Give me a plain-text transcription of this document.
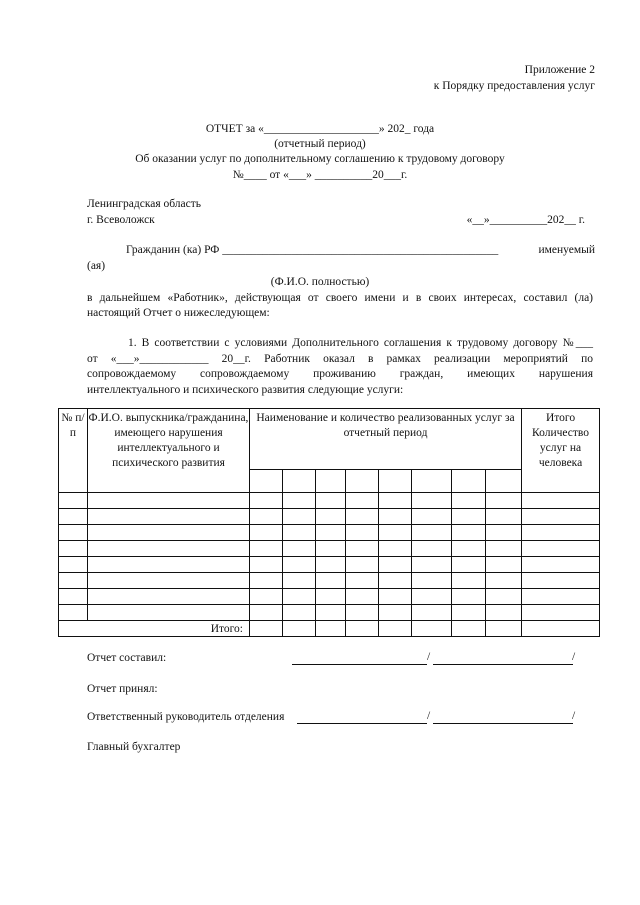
Приложение 2
к Порядку предоставления услуг
ОТЧЕТ за «____________________» 202_ года
(отчетный период)
Об оказании услуг по дополнительному соглашению к трудовому договору
№____ от «___» __________20___г.
Ленинградская область
г. Всеволожск	«__»__________202__ г.
Гражданин (ка) РФ ________________________________________________	именуемый
(ая)
(Ф.И.О. полностью)
в дальнейшем «Работник», действующая от своего имени и в своих интересах, составил (ла)
настоящий Отчет о нижеследующем:
1. В соответствии с условиями Дополнительного соглашения к трудовому договору №___
от «___»____________ 20__г. Работник оказал в рамках реализации мероприятий по
сопровождаемому сопровождаемому проживанию граждан, имеющих нарушения
интеллектуального и психического развития следующие услуги:
№ п/п	Ф.И.О. выпускника/гражданина, имеющего нарушения интеллектуального и психического развития	Наименование и количество реализованных услуг за отчетный период								Итого Количество услуг на человека

Итого:										
Отчет составил:	/	/
Отчет принял:
Ответственный руководитель отделения	/	/
Главный бухгалтер
